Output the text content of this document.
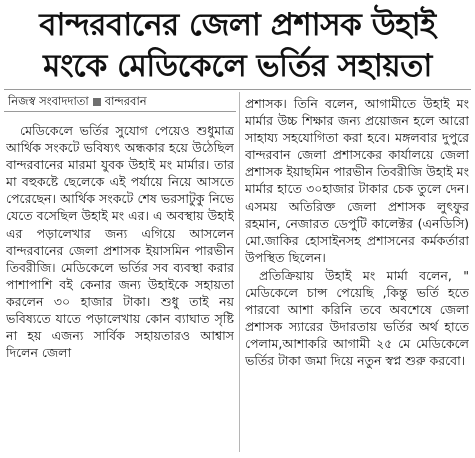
বান্দরবানের জেলা প্রশাসক উহাই
মংকে মেডিকেলে ভর্তির সহায়তা
নিজস্ব সংবাদদাতা বান্দরবান

মেডিকেলে ভর্তির সুযোগ পেয়েও শুধুমাত্র আর্থিক সংকটে ভবিষ্যৎ অন্ধকার হয়ে উঠেছিল বান্দরবানের মারমা যুবক উহাই মং মার্মার। তার মা বহুকষ্টে ছেলেকে এই পর্যায়ে নিয়ে আসতে পেরেছেন। আর্থিক সংকটে শেষ ভরসাটুকু নিভে যেতে বসেছিল উহাই মং এর। এ অবস্থায় উহাই এর পড়ালেখার জন্য এগিয়ে আসলেন বান্দরবানের জেলা প্রশাসক ইয়াসমিন পারভীন তিবরীজি। মেডিকেলে ভর্তির সব ব্যবস্থা করার পাশাপাশি বই কেনার জন্য উহাইকে সহায়তা করলেন ৩০ হাজার টাকা। শুধু তাই নয় ভবিষ্যতে যাতে পড়ালেখায় কোন ব্যাঘাত সৃষ্টি না হয় এজন্য সার্বিক সহায়তারও আশ্বাস দিলেন জেলা

প্রশাসক। তিনি বলেন, আগামীতে উহাই মং মার্মার উচ্চ শিক্ষার জন্য প্রয়োজন হলে আরো সাহায্য সহযোগিতা করা হবে। মঙ্গলবার দুপুরে বান্দরবান জেলা প্রশাসকের কার্যালয়ে জেলা প্রশাসক ইয়াছমিন পারভীন তিবরীজি উহাই মং মার্মার হাতে ৩০হাজার টাকার চেক তুলে দেন। এসময় অতিরিক্ত জেলা প্রশাসক লুৎফুর রহমান, নেজারত ডেপুটি কালেক্টর (এনডিসি) মো.জাকির হোসাইনসহ প্রশাসনের কর্মকর্তারা উপস্থিত ছিলেন।

প্রতিক্রিয়ায় উহাই মং মার্মা বলেন, " মেডিকেলে চান্স পেয়েছি ,কিন্তু ভর্তি হতে পারবো আশা করিনি তবে অবশেষে জেলা প্রশাসক স্যারের উদারতায় ভর্তির অর্থ হাতে পেলাম,আশাকরি আগামী ২৫ মে মেডিকেলে ভর্তির টাকা জমা দিয়ে নতুন স্বপ্ন শুরু করবো।
